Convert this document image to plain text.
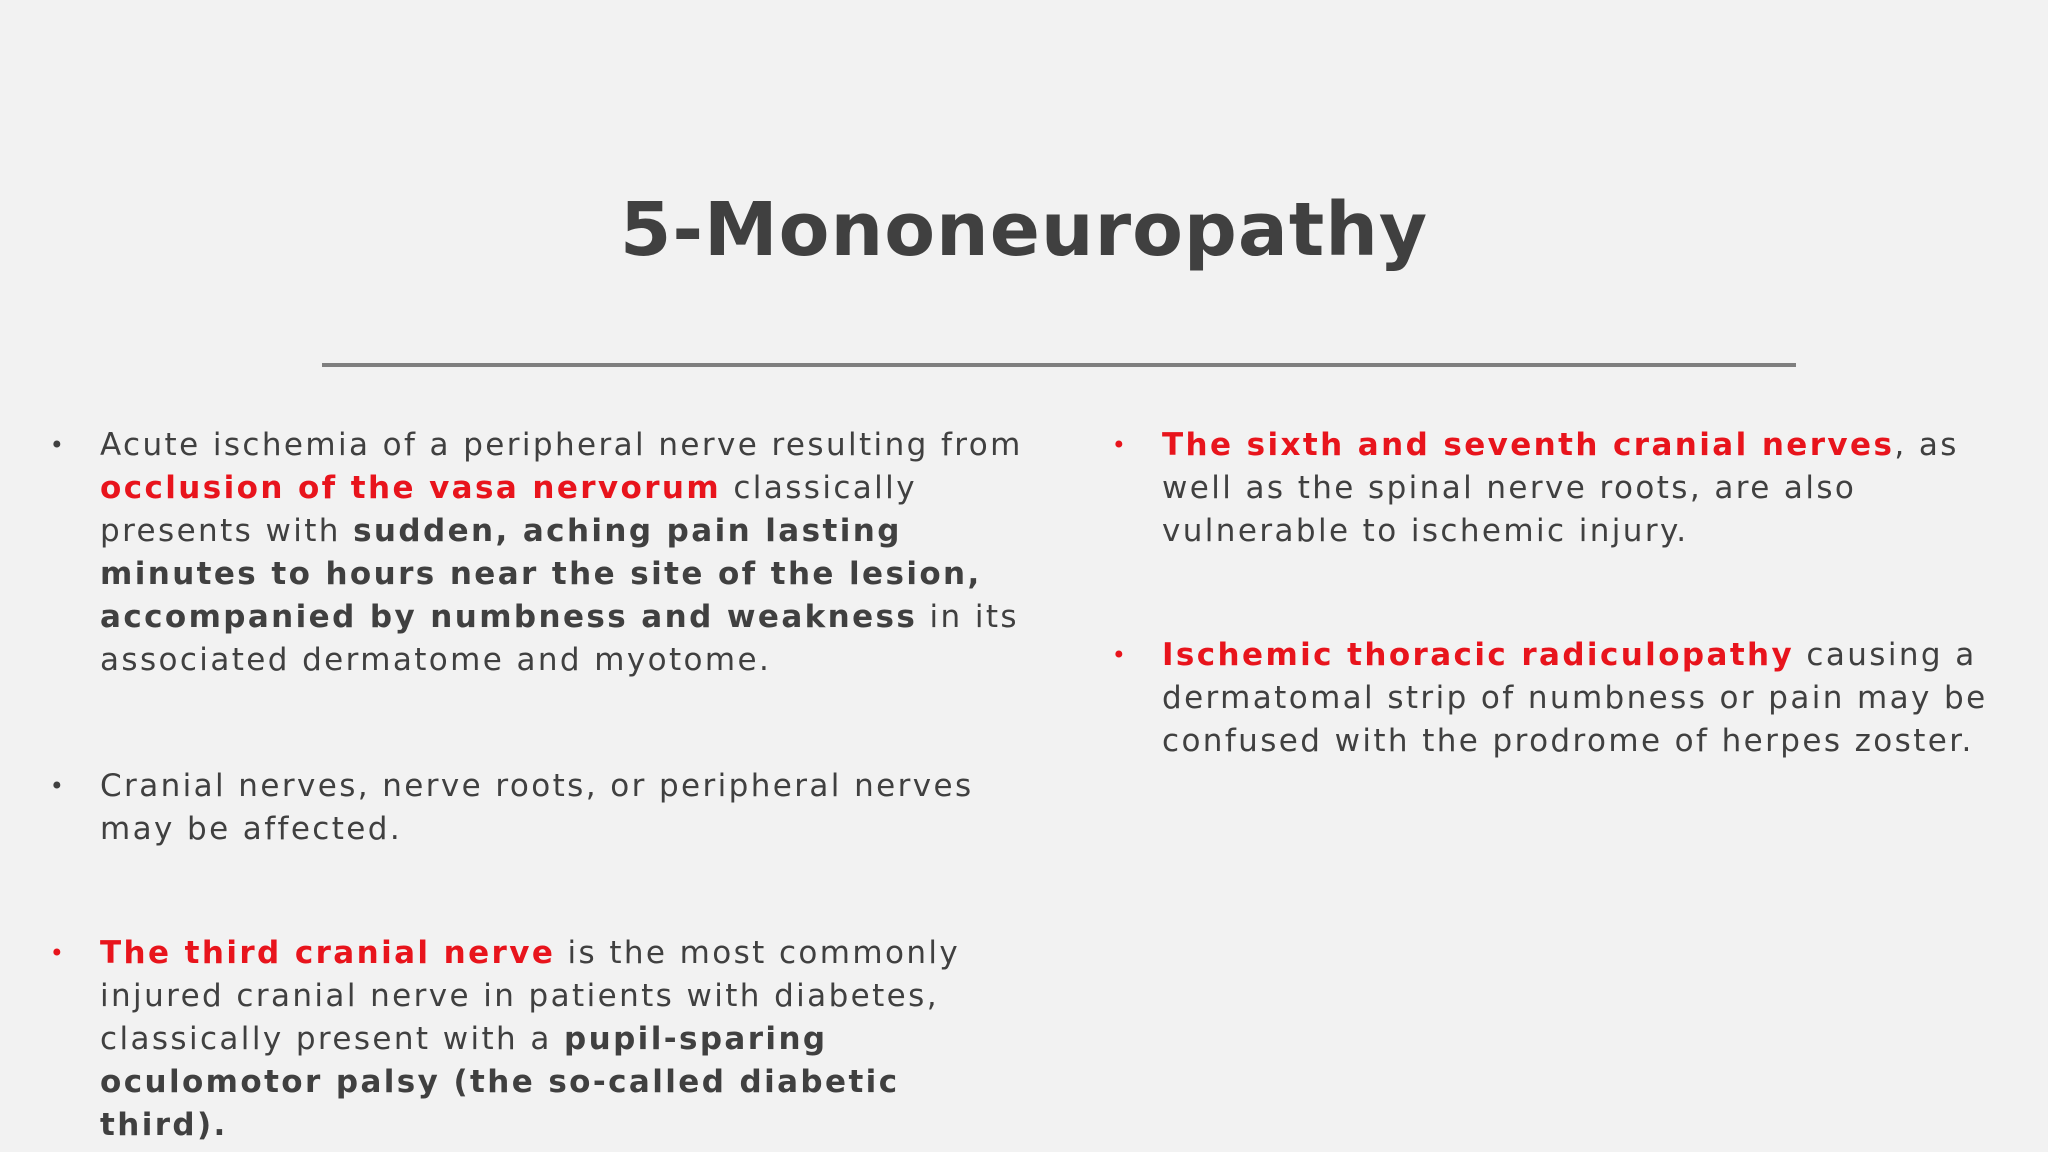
5-Mononeuropathy
• Acute ischemia of a peripheral nerve resulting from occlusion of the vasa nervorum classically presents with sudden, aching pain lasting minutes to hours near the site of the lesion, accompanied by numbness and weakness in its associated dermatome and myotome.
• Cranial nerves, nerve roots, or peripheral nerves may be affected.
• The third cranial nerve is the most commonly injured cranial nerve in patients with diabetes, classically present with a pupil-sparing oculomotor palsy (the so-called diabetic third).
• The sixth and seventh cranial nerves, as well as the spinal nerve roots, are also vulnerable to ischemic injury.
• Ischemic thoracic radiculopathy causing a dermatomal strip of numbness or pain may be confused with the prodrome of herpes zoster.
